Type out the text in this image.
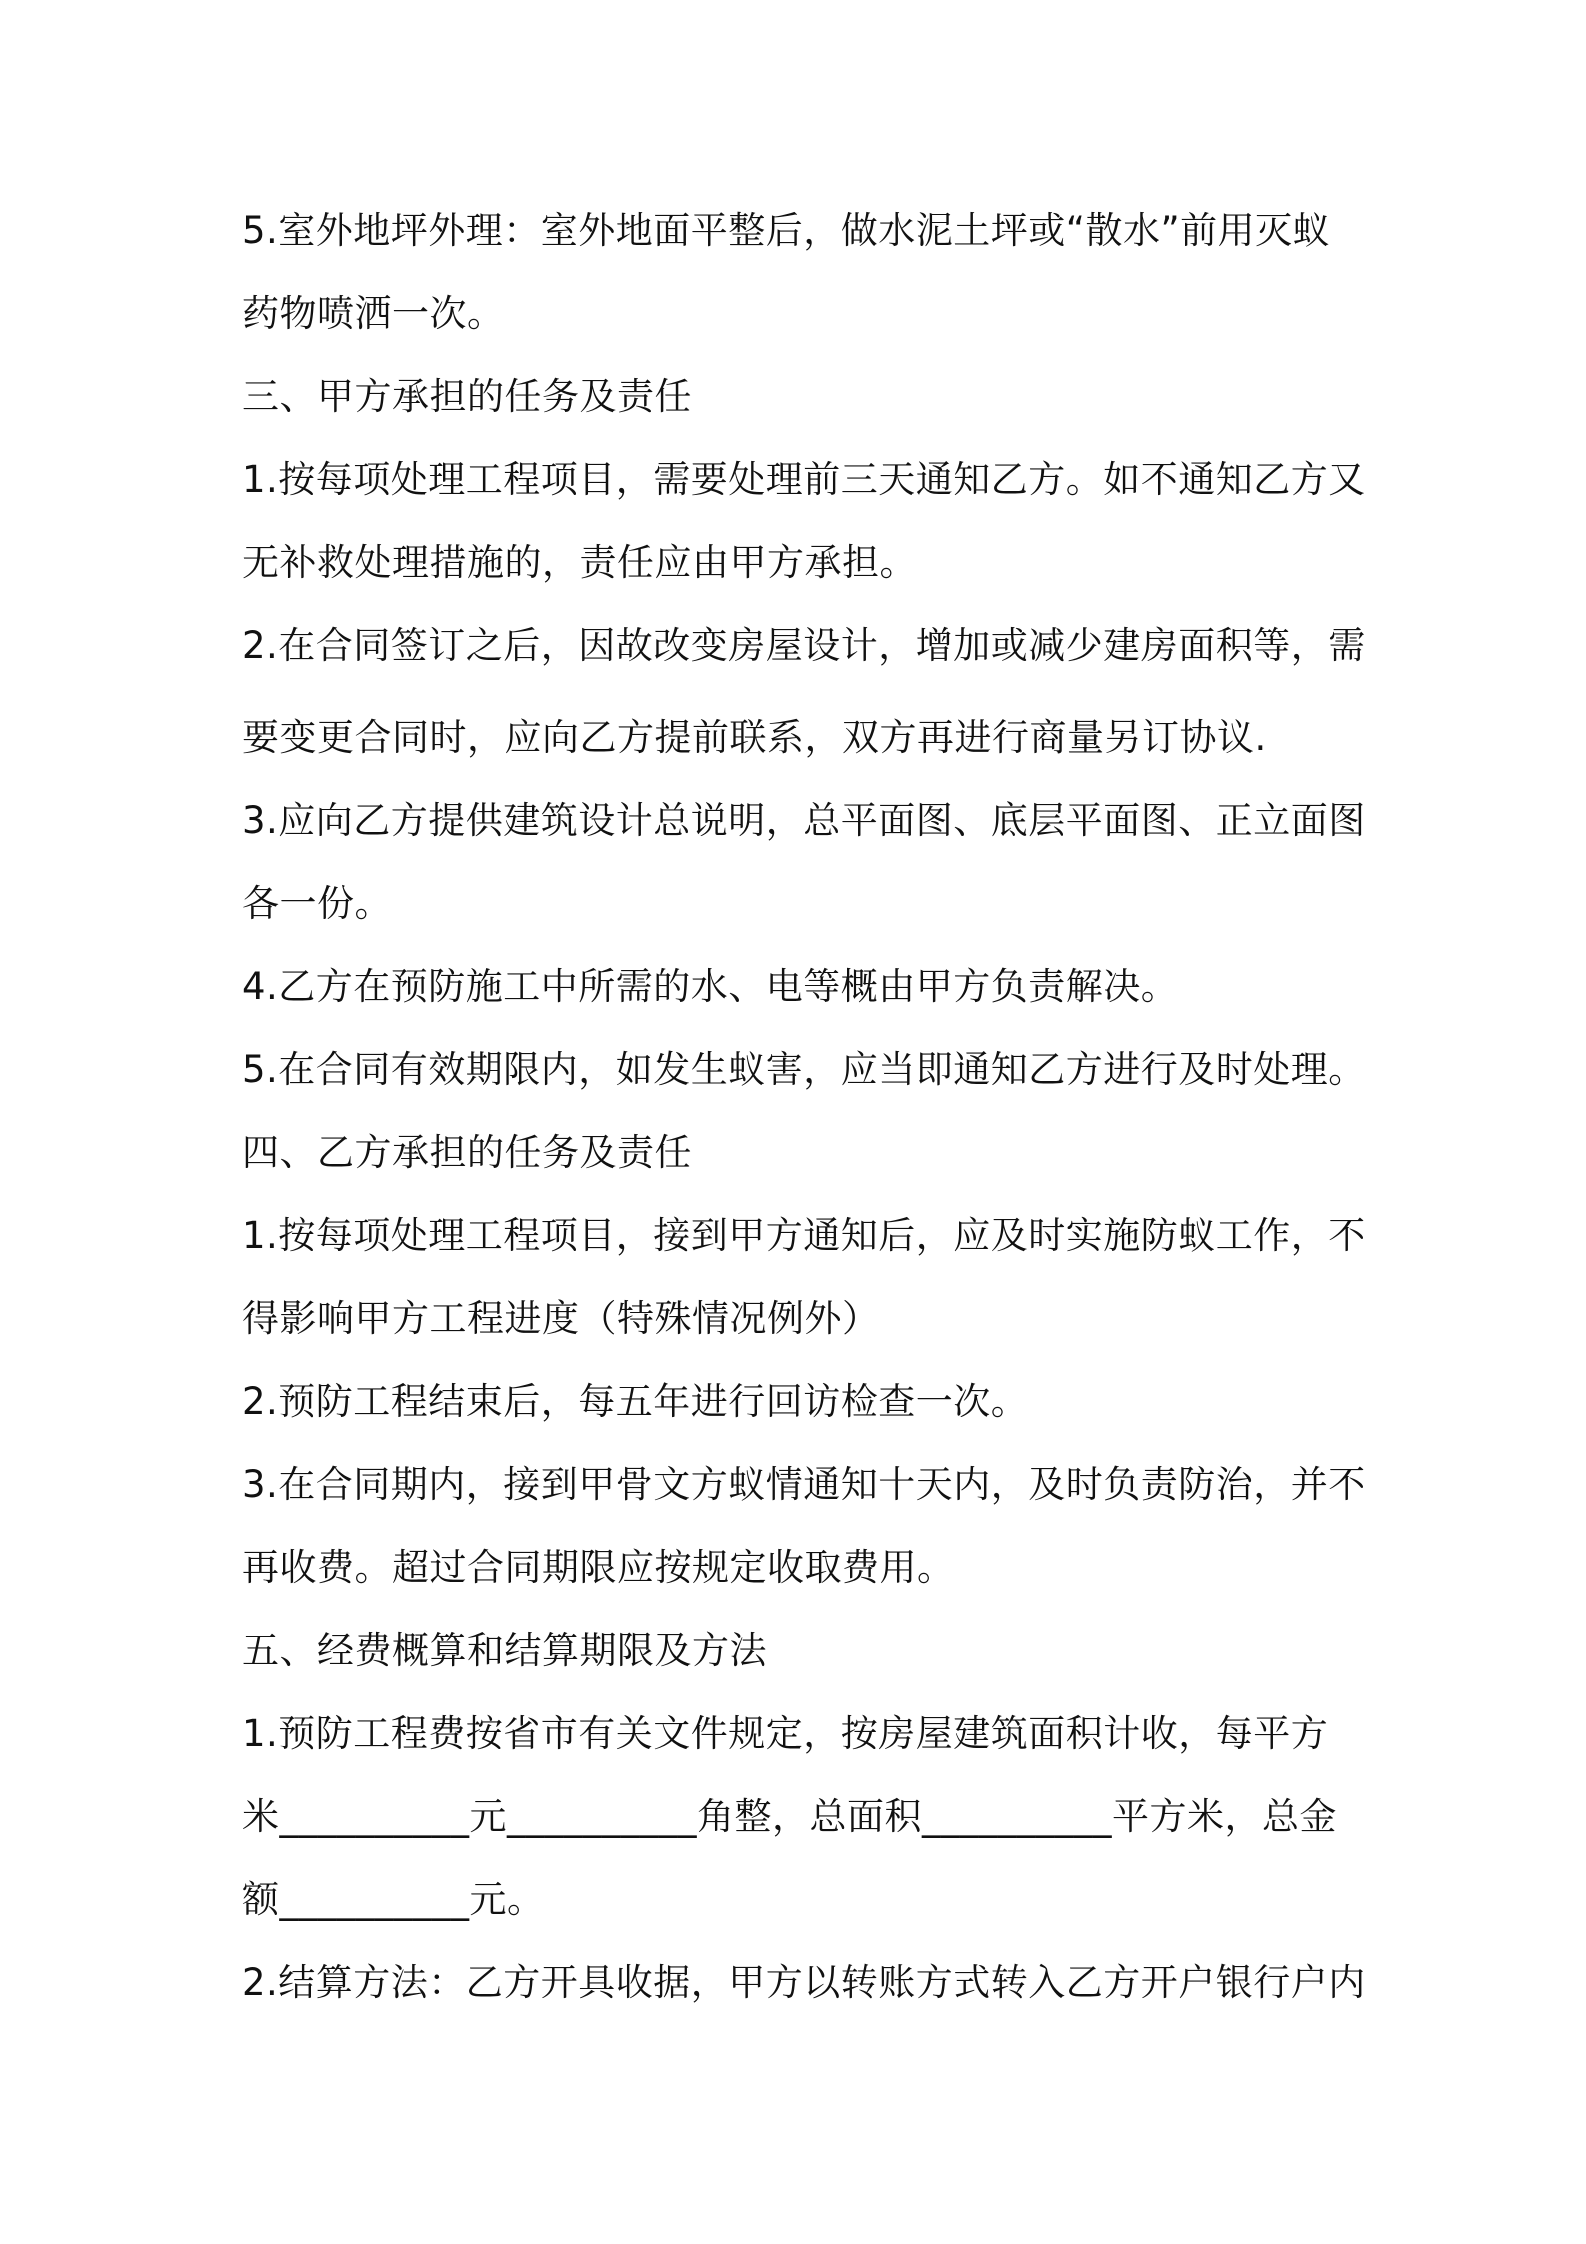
5.室外地坪外理：室外地面平整后，做水泥土坪或“散水”前用灭蚁
药物喷洒一次。
三、甲方承担的任务及责任
1.按每项处理工程项目，需要处理前三天通知乙方。如不通知乙方又
无补救处理措施的，责任应由甲方承担。
2.在合同签订之后，因故改变房屋设计，增加或减少建房面积等，需
要变更合同时，应向乙方提前联系，双方再进行商量另订协议.
3.应向乙方提供建筑设计总说明，总平面图、底层平面图、正立面图
各一份。
4.乙方在预防施工中所需的水、电等概由甲方负责解决。
5.在合同有效期限内，如发生蚁害，应当即通知乙方进行及时处理。
四、乙方承担的任务及责任
1.按每项处理工程项目，接到甲方通知后，应及时实施防蚁工作，不
得影响甲方工程进度（特殊情况例外）
2.预防工程结束后，每五年进行回访检查一次。
3.在合同期内，接到甲骨文方蚁情通知十天内，及时负责防治，并不
再收费。超过合同期限应按规定收取费用。
五、经费概算和结算期限及方法
1.预防工程费按省市有关文件规定，按房屋建筑面积计收，每平方
米__________元__________角整，总面积__________平方米，总金
额__________元。
2.结算方法：乙方开具收据，甲方以转账方式转入乙方开户银行户内
